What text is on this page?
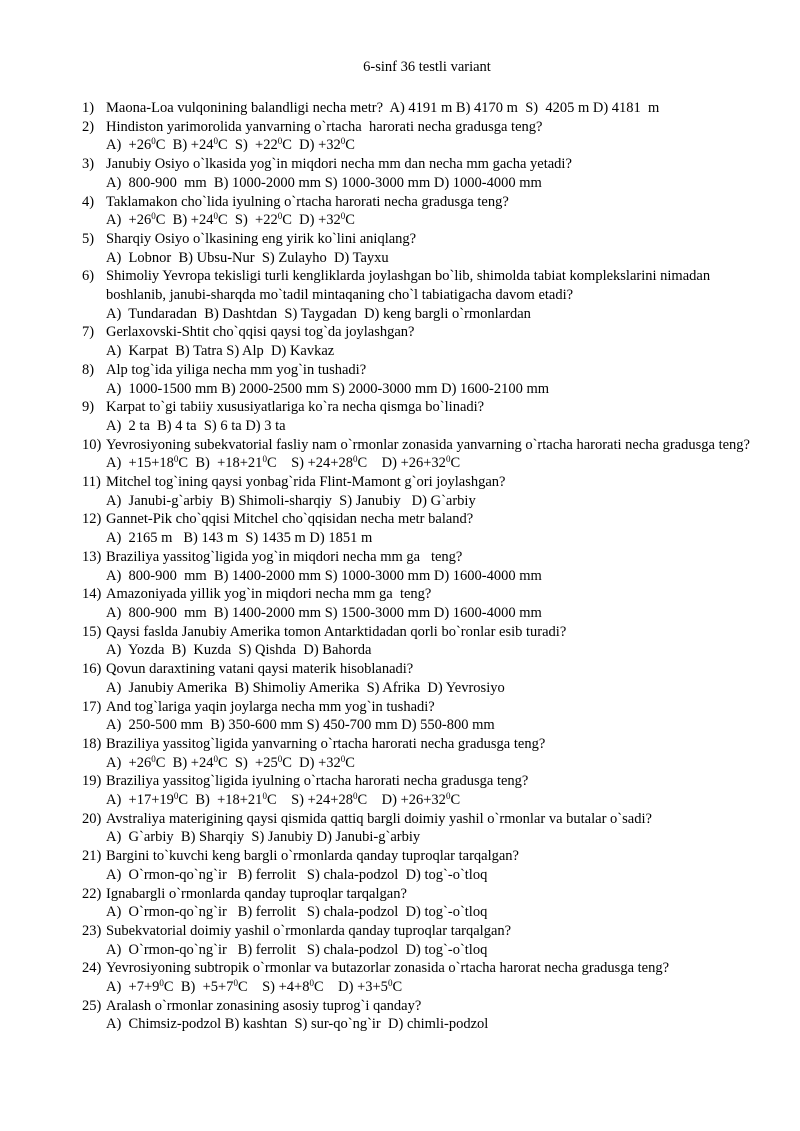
6-sinf 36 testli variant
1) Maona-Loa vulqonining balandligi necha metr?  A) 4191 m B) 4170 m  S)  4205 m D) 4181  m
2) Hindiston yarimorolida yanvarning o`rtacha  harorati necha gradusga teng?
$A) +26^0C$  $B) +24^0C$  $S) +22^0C$  $D) +32^0C$
3) Janubiy Osiyo o`lkasida yog`in miqdori necha mm dan necha mm gacha yetadi?
A)  800-900  mm  B) 1000-2000 mm S) 1000-3000 mm D) 1000-4000 mm
4) Taklamakon cho`lida iyulning o`rtacha harorati necha gradusga teng?
$A) +26^0C$  $B) +24^0C$  $S) +22^0C$  $D) +32^0C$
5) Sharqiy Osiyo o`lkasining eng yirik ko`lini aniqlang?
A)  Lobnor  B) Ubsu-Nur  S) Zulayho  D) Tayxu
6) Shimoliy Yevropa tekisligi turli kengliklarda joylashgan bo`lib, shimolda tabiat komplekslarini nimadan boshlanib, janubi-sharqda mo`tadil mintaqaning cho`l tabiatigacha davom etadi?
A)  Tundaradan  B) Dashtdan  S) Taygadan  D) keng bargli o`rmonlardan
7) Gerlaxovski-Shtit cho`qqisi qaysi tog`da joylashgan?
A)  Karpat  B) Tatra S) Alp  D) Kavkaz
8) Alp tog`ida yiliga necha mm yog`in tushadi?
A)  1000-1500 mm B) 2000-2500 mm S) 2000-3000 mm D) 1600-2100 mm
9) Karpat to`gi tabiiy xususiyatlariga ko`ra necha qismga bo`linadi?
A)  2 ta  B) 4 ta  S) 6 ta D) 3 ta
10) Yevrosiyoning subekvatorial fasliy nam o`rmonlar zonasida yanvarning o`rtacha harorati necha gradusga teng?
$A) +15+18^0C$  $B) +18+21^0C$    $S) +24+28^0C$    $D) +26+32^0C$
11) Mitchel tog`ining qaysi yonbag`rida Flint-Mamont g`ori joylashgan?
A)  Janubi-g`arbiy  B) Shimoli-sharqiy  S) Janubiy   D) G`arbiy
12) Gannet-Pik cho`qqisi Mitchel cho`qqisidan necha metr baland?
A)  2165 m   B) 143 m  S) 1435 m D) 1851 m
13) Braziliya yassitog`ligida yog`in miqdori necha mm ga   teng?
A)  800-900  mm  B) 1400-2000 mm S) 1000-3000 mm D) 1600-4000 mm
14) Amazoniyada yillik yog`in miqdori necha mm ga  teng?
A)  800-900  mm  B) 1400-2000 mm S) 1500-3000 mm D) 1600-4000 mm
15) Qaysi faslda Janubiy Amerika tomon Antarktidadan qorli bo`ronlar esib turadi?
A)  Yozda  B)  Kuzda  S) Qishda  D) Bahorda
16) Qovun daraxtining vatani qaysi materik hisoblanadi?
A)  Janubiy Amerika  B) Shimoliy Amerika  S) Afrika  D) Yevrosiyo
17) And tog`lariga yaqin joylarga necha mm yog`in tushadi?
A)  250-500 mm  B) 350-600 mm S) 450-700 mm D) 550-800 mm
18) Braziliya yassitog`ligida yanvarning o`rtacha harorati necha gradusga teng?
$A) +26^0C$  $B) +24^0C$  $S) +25^0C$  $D) +32^0C$
19) Braziliya yassitog`ligida iyulning o`rtacha harorati necha gradusga teng?
$A) +17+19^0C$  $B) +18+21^0C$    $S) +24+28^0C$    $D) +26+32^0C$
20) Avstraliya materigining qaysi qismida qattiq bargli doimiy yashil o`rmonlar va butalar o`sadi?
A)  G`arbiy  B) Sharqiy  S) Janubiy D) Janubi-g`arbiy
21) Bargini to`kuvchi keng bargli o`rmonlarda qanday tuproqlar tarqalgan?
A)  O`rmon-qo`ng`ir   B) ferrolit   S) chala-podzol  D) tog`-o`tloq
22) Ignabargli o`rmonlarda qanday tuproqlar tarqalgan?
A)  O`rmon-qo`ng`ir   B) ferrolit   S) chala-podzol  D) tog`-o`tloq
23) Subekvatorial doimiy yashil o`rmonlarda qanday tuproqlar tarqalgan?
A)  O`rmon-qo`ng`ir   B) ferrolit   S) chala-podzol  D) tog`-o`tloq
24) Yevrosiyoning subtropik o`rmonlar va butazorlar zonasida o`rtacha harorat necha gradusga teng?
$A) +7+9^0C$  $B) +5+7^0C$    $S) +4+8^0C$    $D) +3+5^0C$
25) Aralash o`rmonlar zonasining asosiy tuprog`i qanday?
A)  Chimsiz-podzol B) kashtan  S) sur-qo`ng`ir  D) chimli-podzol
